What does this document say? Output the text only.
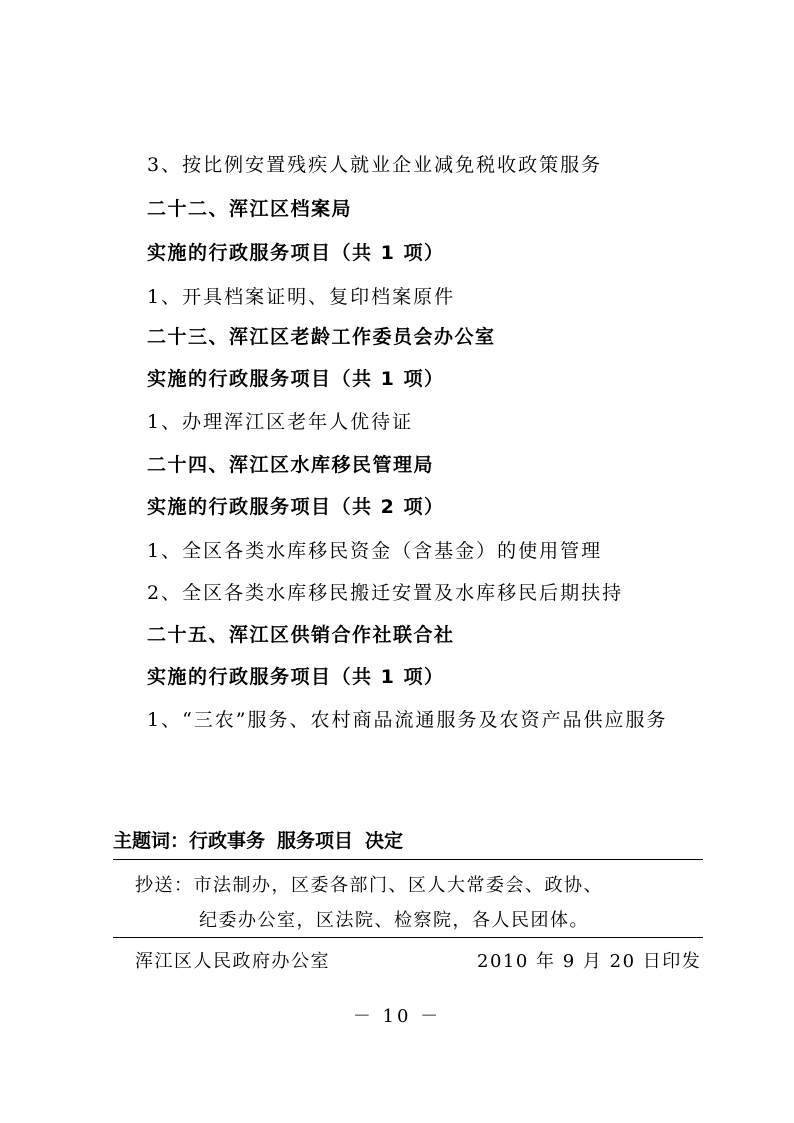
3、按比例安置残疾人就业企业减免税收政策服务
二十二、浑江区档案局
实施的行政服务项目（共 1 项）
1、开具档案证明、复印档案原件
二十三、浑江区老龄工作委员会办公室
实施的行政服务项目（共 1 项）
1、办理浑江区老年人优待证
二十四、浑江区水库移民管理局
实施的行政服务项目（共 2 项）
1、全区各类水库移民资金（含基金）的使用管理
2、全区各类水库移民搬迁安置及水库移民后期扶持
二十五、浑江区供销合作社联合社
实施的行政服务项目（共 1 项）
1、“三农”服务、农村商品流通服务及农资产品供应服务
主题词：行政事务 服务项目 决定
抄送：市法制办，区委各部门、区人大常委会、政协、
纪委办公室，区法院、检察院，各人民团体。
浑江区人民政府办公室	2010 年 9 月 20 日印发
－ 10 －
